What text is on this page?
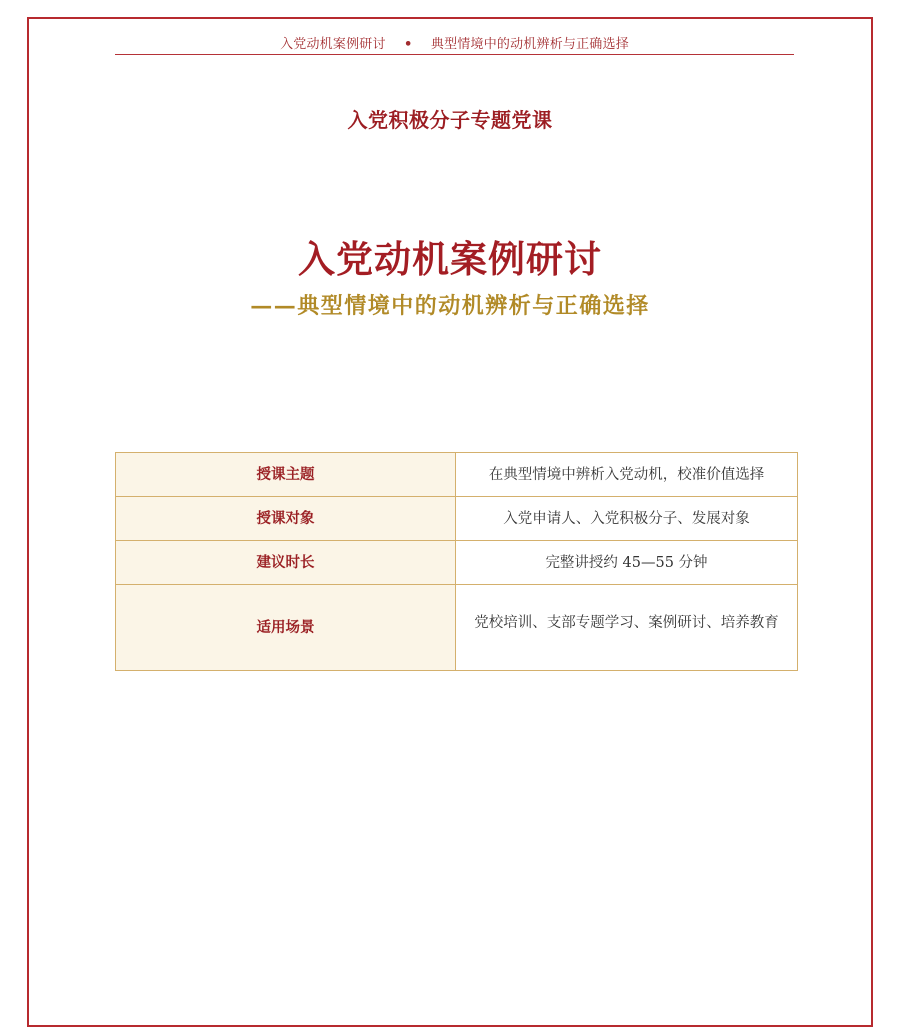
入党动机案例研讨 • 典型情境中的动机辨析与正确选择
入党积极分子专题党课
入党动机案例研讨
——典型情境中的动机辨析与正确选择
授课主题	在典型情境中辨析入党动机，校准价值选择
授课对象	入党申请人、入党积极分子、发展对象
建议时长	完整讲授约 45—55 分钟
适用场景	党校培训、支部专题学习、案例研讨、培养教育
